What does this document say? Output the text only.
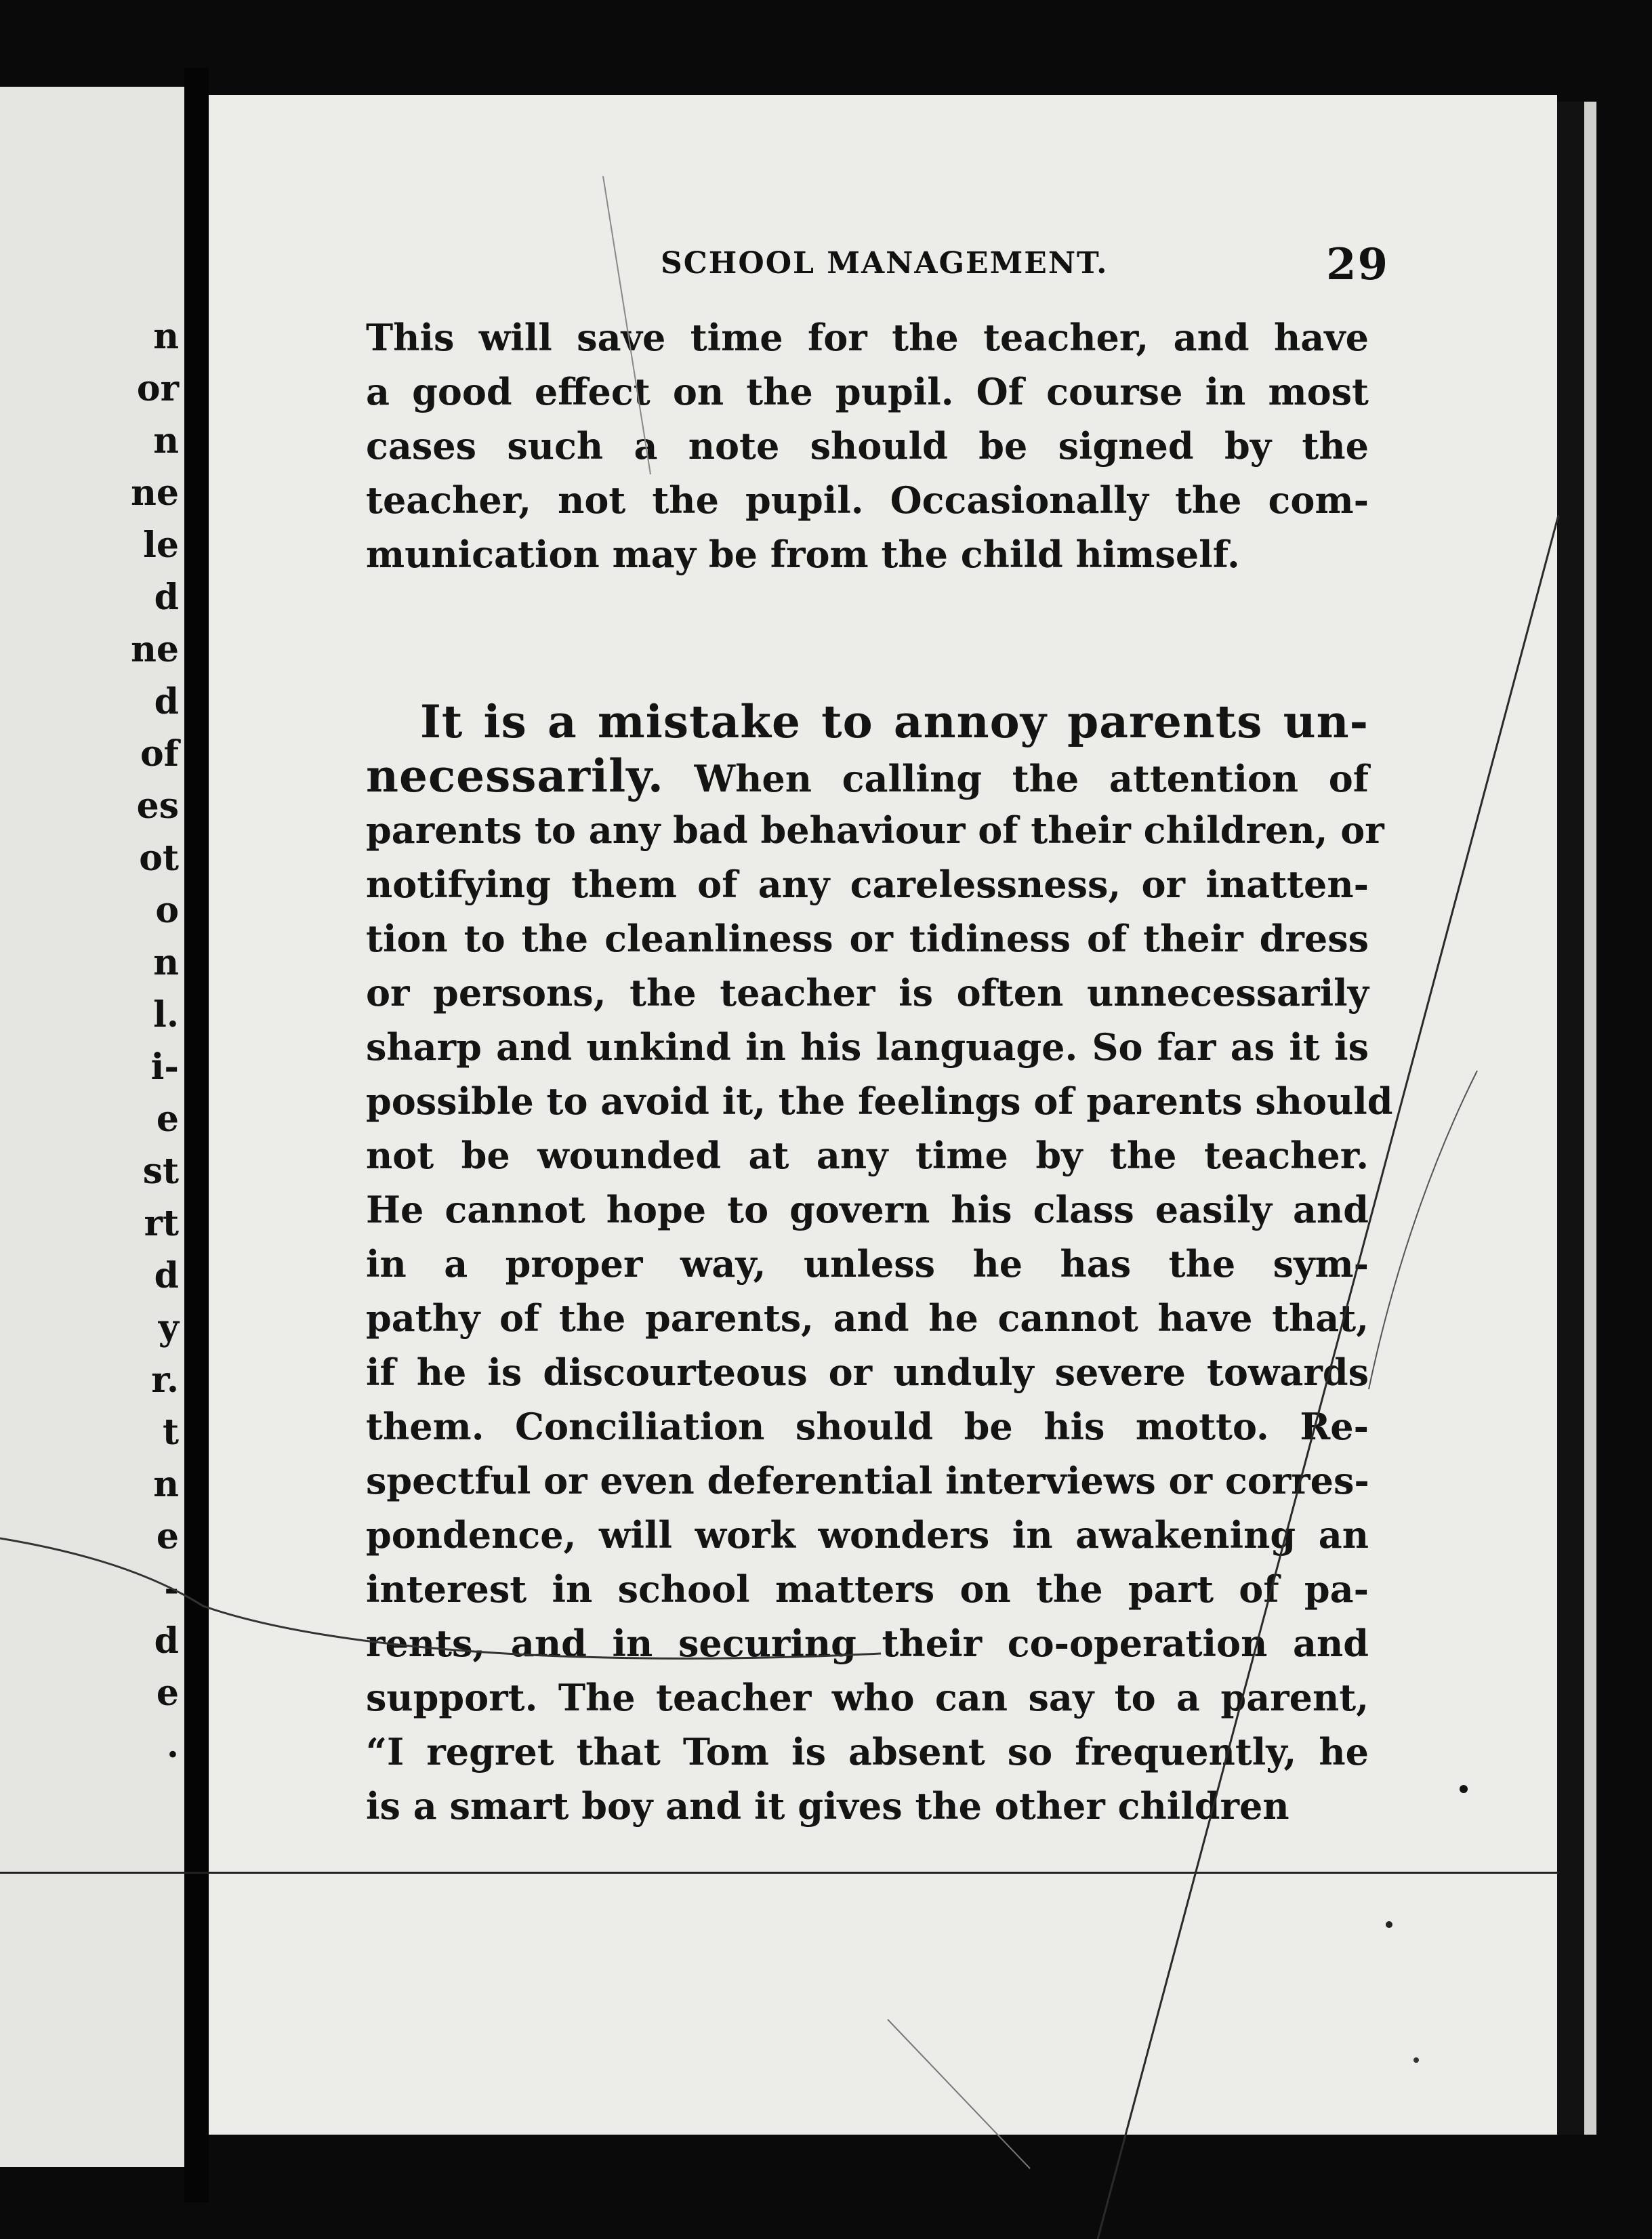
n
or
n
ne
le
d
ne
d
of
es
ot
o
n
l.
i-
e
st
rt
d
y
r.
t
n
e
-
d
e
.
SCHOOL MANAGEMENT.	29
This will save time for the teacher, and have
a good effect on the pupil. Of course in most
cases such a note should be signed by the
teacher, not the pupil. Occasionally the com-
munication may be from the child himself.
It is a mistake to annoy parents un-
necessarily. When calling the attention of
parents to any bad behaviour of their children, or
notifying them of any carelessness, or inatten-
tion to the cleanliness or tidiness of their dress
or persons, the teacher is often unnecessarily
sharp and unkind in his language. So far as it is
possible to avoid it, the feelings of parents should
not be wounded at any time by the teacher.
He cannot hope to govern his class easily and
in a proper way, unless he has the sym-
pathy of the parents, and he cannot have that,
if he is discourteous or unduly severe towards
them. Conciliation should be his motto. Re-
spectful or even deferential interviews or corres-
pondence, will work wonders in awakening an
interest in school matters on the part of pa-
rents, and in securing their co-operation and
support. The teacher who can say to a parent,
“I regret that Tom is absent so frequently, he
is a smart boy and it gives the other children
